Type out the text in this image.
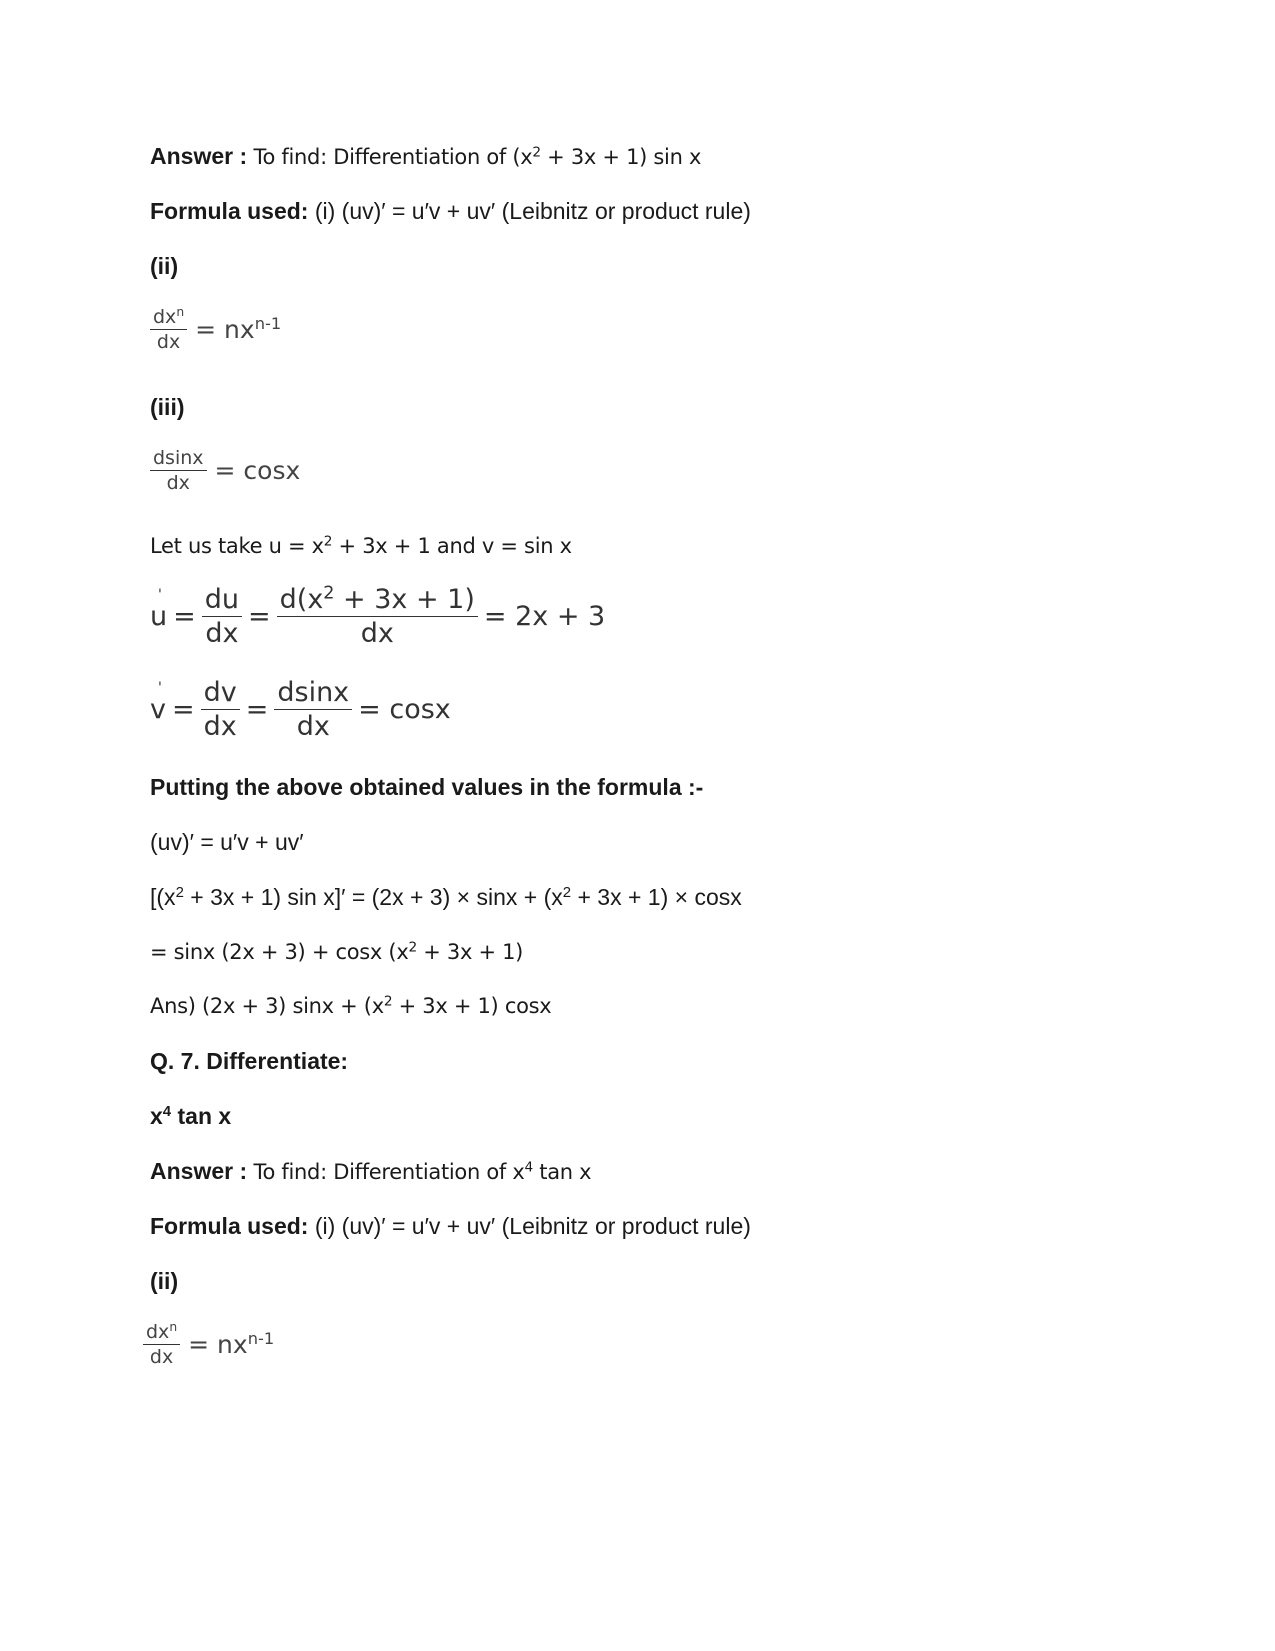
Answer : To find: Differentiation of $(x^2 + 3x + 1)$ sin x
Formula used: (i) (uv)′ = u′v + uv′ (Leibnitz or product rule)
(ii)
$\frac{dx^n}{dx} = nx^{n-1}$
(iii)
$\frac{dsinx}{dx} = \cos x$
Let us take $u = x^2 + 3x + 1$ and v = sin x
u
'
= $\frac{du}{dx} = \frac{d(x^2 + 3x + 1)}{dx} = 2x + 3$
v
'
= $\frac{dv}{dx} = \frac{dsinx}{dx} = \cos x$
Putting the above obtained values in the formula :-
(uv)′ = u′v + uv′
[$(x^2 + 3x + 1)$ $\sin x]' = (2x + 3) \times \sin x + (x^2 + 3x + 1) \times \cos x$
= sinx (2x + 3) + cosx $(x^2 + 3x + 1)$
Ans) (2x + 3) $\sin x + (x^2 + 3x + 1)$ cosx
Q. 7. Differentiate:
$x^4$ tan x
Answer : To find: Differentiation of $x^4$ tan x
Formula used: (i) (uv)′ = u′v + uv′ (Leibnitz or product rule)
(ii)
$\frac{dx^n}{dx} = nx^{n-1}$
